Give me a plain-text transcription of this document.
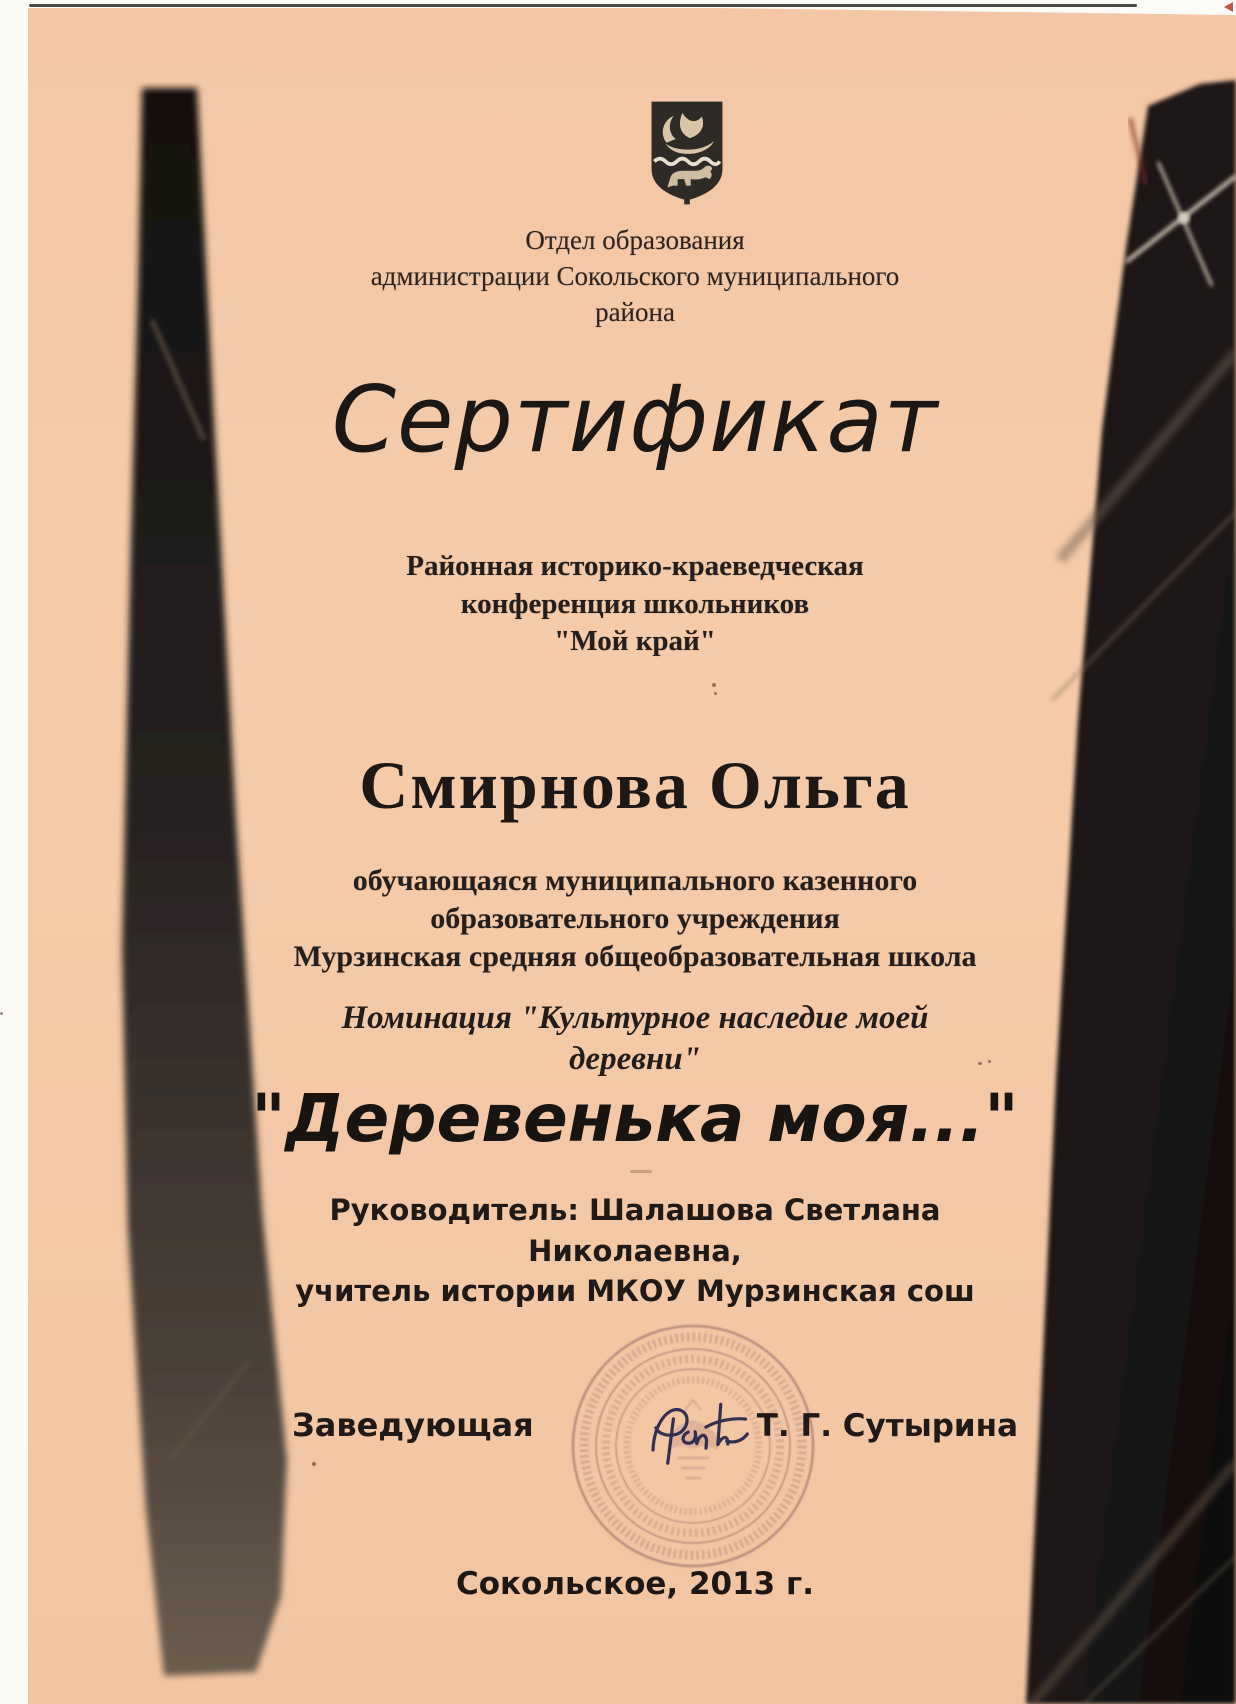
Отдел образования
администрации Сокольского муниципального
района
Сертификат
Районная историко-краеведческая
конференция школьников
"Мой край"
Смирнова Ольга
обучающаяся муниципального казенного
образовательного учреждения
Мурзинская средняя общеобразовательная школа
Номинация "Культурное наследие моей
деревни"
"Деревенька моя..."
Руководитель: Шалашова Светлана Николаевна,
учитель истории МКОУ Мурзинская сош
Заведующая	Т. Г. Сутырина
Сокольское, 2013 г.
